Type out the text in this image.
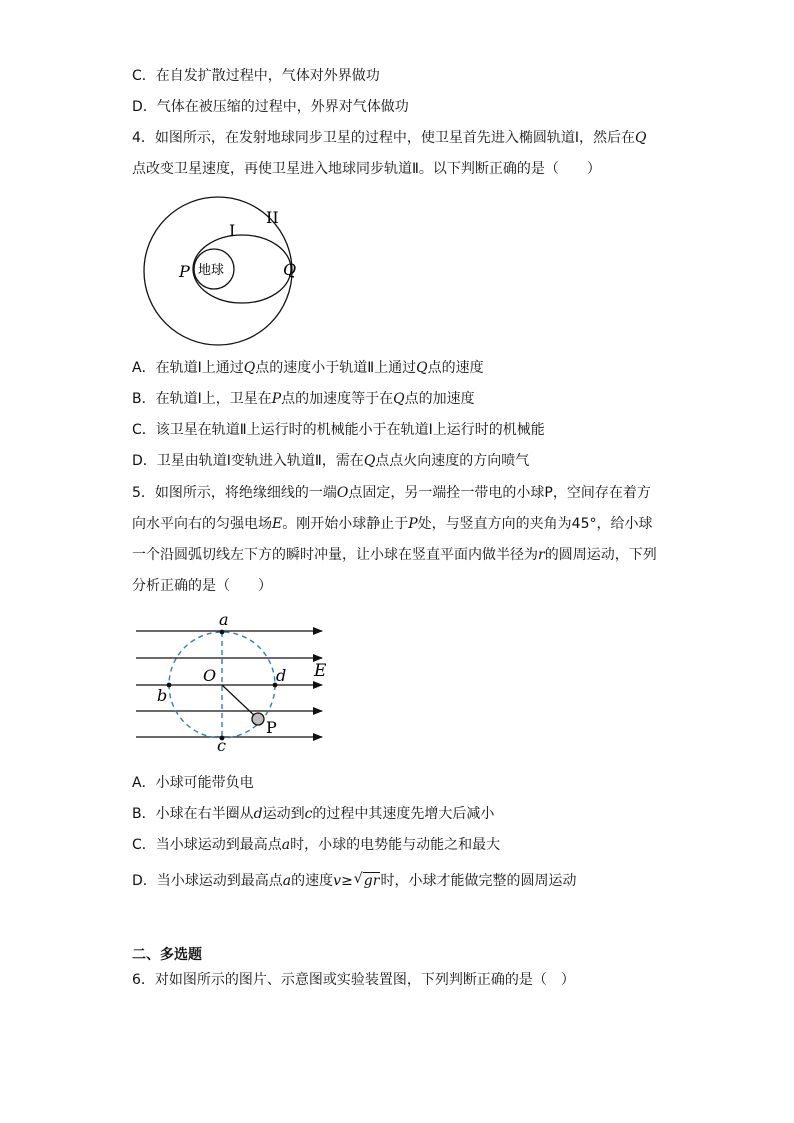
C．在自发扩散过程中，气体对外界做功
D．气体在被压缩的过程中，外界对气体做功
4．如图所示，在发射地球同步卫星的过程中，使卫星首先进入椭圆轨道Ⅰ，然后在Q
点改变卫星速度，再使卫星进入地球同步轨道Ⅱ。以下判断正确的是（　　）
地球
II
I
P	Q
A．在轨道Ⅰ上通过Q点的速度小于轨道Ⅱ上通过Q点的速度
B．在轨道Ⅰ上，卫星在P点的加速度等于在Q点的加速度
C．该卫星在轨道Ⅱ上运行时的机械能小于在轨道Ⅰ上运行时的机械能
D．卫星由轨道Ⅰ变轨进入轨道Ⅱ，需在Q点点火向速度的方向喷气
5．如图所示，将绝缘细线的一端O点固定，另一端拴一带电的小球P，空间存在着方
向水平向右的匀强电场E。刚开始小球静止于P处，与竖直方向的夹角为45°，给小球
一个沿圆弧切线左下方的瞬时冲量，让小球在竖直平面内做半径为r的圆周运动，下列
分析正确的是（　　）
a
b
c
d
O	E
P
A．小球可能带负电
B．小球在右半圈从d运动到c的过程中其速度先增大后减小
C．当小球运动到最高点a时，小球的电势能与动能之和最大
D．当小球运动到最高点a的速度v≥ √ gr时，小球才能做完整的圆周运动
二、多选题
6．对如图所示的图片、示意图或实验装置图，下列判断正确的是（　）
